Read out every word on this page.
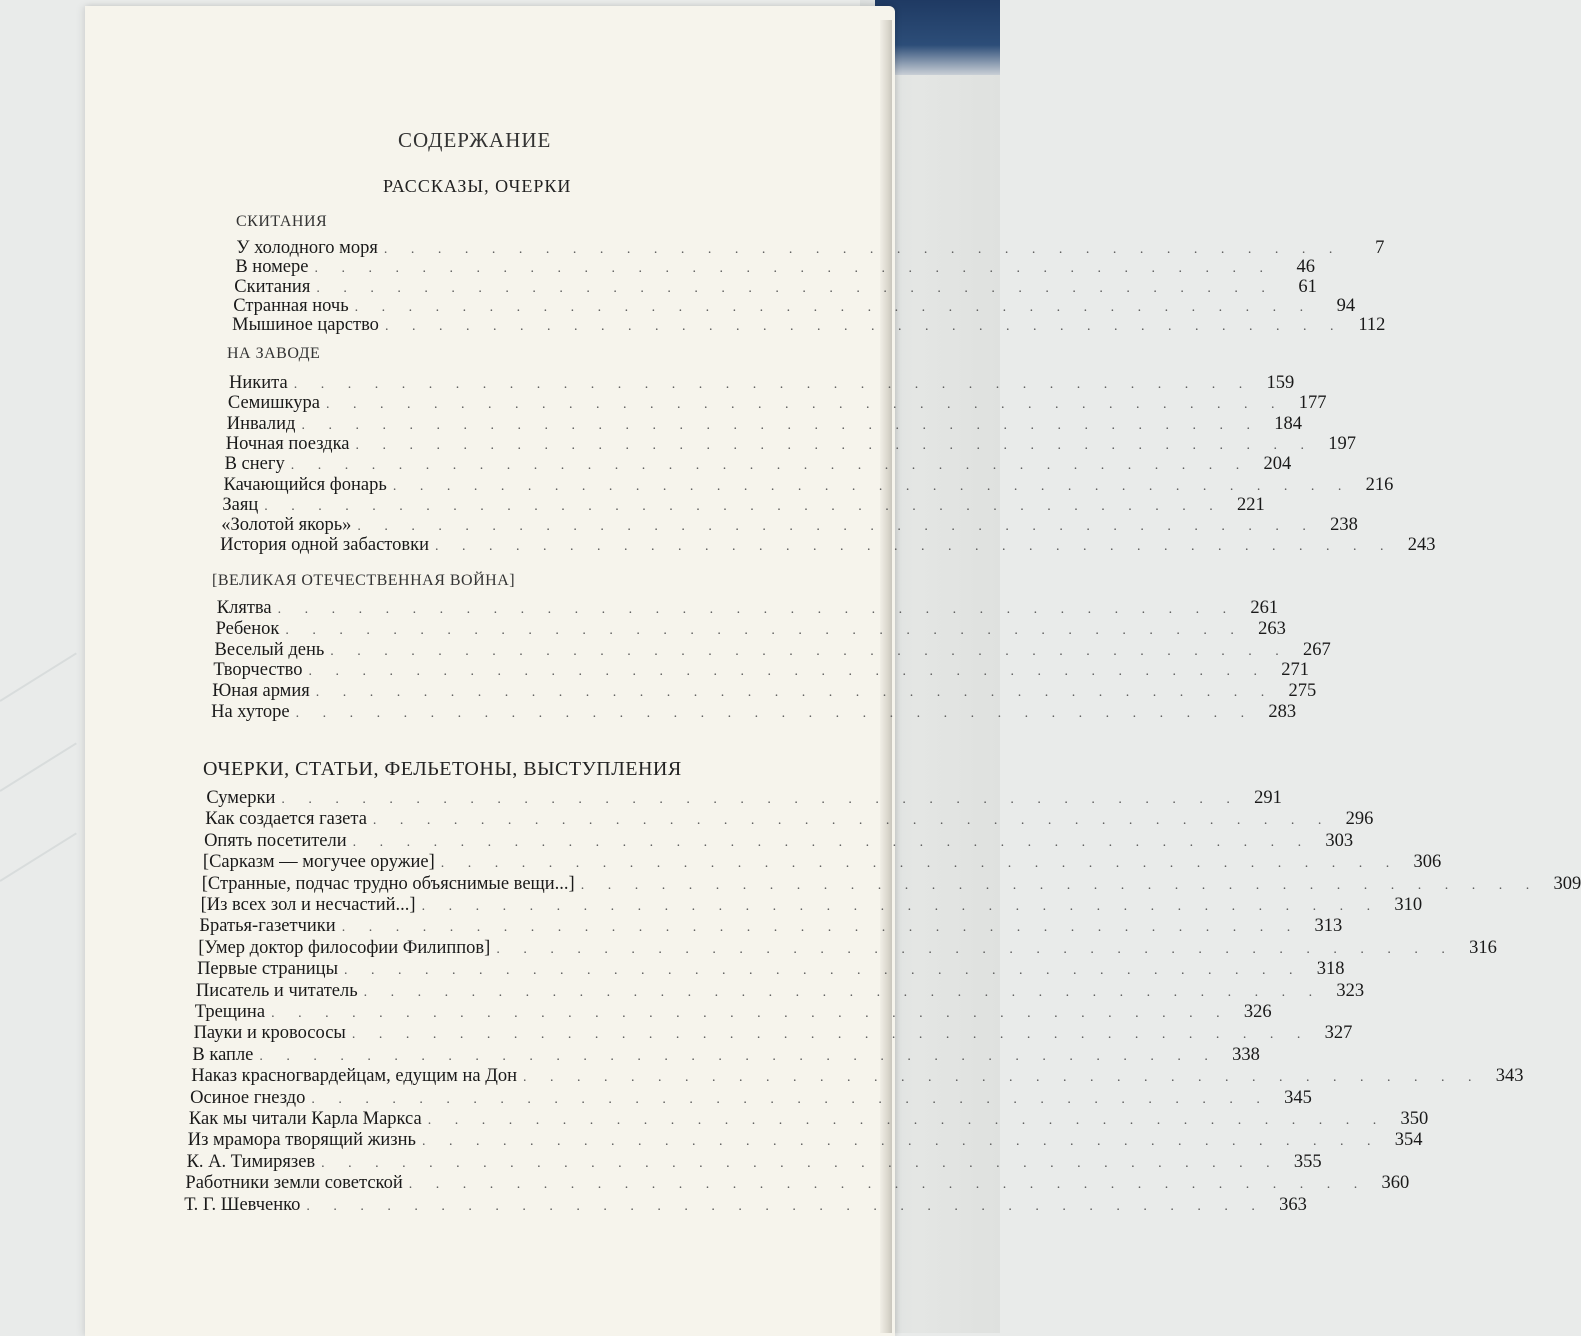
СОДЕРЖАНИЕ
РАССКАЗЫ, ОЧЕРКИ
СКИТАНИЯ
У холодного моря . . . . . . . . . . . . . . . . . . . . . . . . . . . . . . . . . . . .	7
В номере . . . . . . . . . . . . . . . . . . . . . . . . . . . . . . . . . . . .	46
Скитания . . . . . . . . . . . . . . . . . . . . . . . . . . . . . . . . . . . .	61
Странная ночь . . . . . . . . . . . . . . . . . . . . . . . . . . . . . . . . . . . .	94
Мышиное царство . . . . . . . . . . . . . . . . . . . . . . . . . . . . . . . . . . . . 112
НА ЗАВОДЕ
Никита . . . . . . . . . . . . . . . . . . . . . . . . . . . . . . . . . . . . 159
Семишкура . . . . . . . . . . . . . . . . . . . . . . . . . . . . . . . . . . . . 177
Инвалид . . . . . . . . . . . . . . . . . . . . . . . . . . . . . . . . . . . . 184
Ночная поездка . . . . . . . . . . . . . . . . . . . . . . . . . . . . . . . . . . . . 197
В снегу . . . . . . . . . . . . . . . . . . . . . . . . . . . . . . . . . . . . 204
Качающийся фонарь . . . . . . . . . . . . . . . . . . . . . . . . . . . . . . . . . . . . 216
Заяц . . . . . . . . . . . . . . . . . . . . . . . . . . . . . . . . . . . . 221
«Золотой якорь» . . . . . . . . . . . . . . . . . . . . . . . . . . . . . . . . . . . . 238
История одной забастовки . . . . . . . . . . . . . . . . . . . . . . . . . . . . . . . . . . . . 243
[ВЕЛИКАЯ ОТЕЧЕСТВЕННАЯ ВОЙНА]
Клятва . . . . . . . . . . . . . . . . . . . . . . . . . . . . . . . . . . . . 261
Ребенок . . . . . . . . . . . . . . . . . . . . . . . . . . . . . . . . . . . . 263
Веселый день . . . . . . . . . . . . . . . . . . . . . . . . . . . . . . . . . . . . 267
Творчество . . . . . . . . . . . . . . . . . . . . . . . . . . . . . . . . . . . . 271
Юная армия . . . . . . . . . . . . . . . . . . . . . . . . . . . . . . . . . . . . 275
На хуторе . . . . . . . . . . . . . . . . . . . . . . . . . . . . . . . . . . . . 283
ОЧЕРКИ, СТАТЬИ, ФЕЛЬЕТОНЫ, ВЫСТУПЛЕНИЯ
Сумерки . . . . . . . . . . . . . . . . . . . . . . . . . . . . . . . . . . . . 291
Как создается газета . . . . . . . . . . . . . . . . . . . . . . . . . . . . . . . . . . . . 296
Опять посетители . . . . . . . . . . . . . . . . . . . . . . . . . . . . . . . . . . . . 303
[Сарказм — могучее оружие] . . . . . . . . . . . . . . . . . . . . . . . . . . . . . . . . . . . . 306
[Странные, подчас трудно объяснимые вещи...] . . . . . . . . . . . . . . . . . . . . . . . . . . . . . . . . . . . . 309
[Из всех зол и несчастий...] . . . . . . . . . . . . . . . . . . . . . . . . . . . . . . . . . . . . 310
Братья-газетчики . . . . . . . . . . . . . . . . . . . . . . . . . . . . . . . . . . . . 313
[Умер доктор философии Филиппов] . . . . . . . . . . . . . . . . . . . . . . . . . . . . . . . . . . . . 316
Первые страницы . . . . . . . . . . . . . . . . . . . . . . . . . . . . . . . . . . . . 318
Писатель и читатель . . . . . . . . . . . . . . . . . . . . . . . . . . . . . . . . . . . . 323
Трещина . . . . . . . . . . . . . . . . . . . . . . . . . . . . . . . . . . . . 326
Пауки и кровососы . . . . . . . . . . . . . . . . . . . . . . . . . . . . . . . . . . . . 327
В капле . . . . . . . . . . . . . . . . . . . . . . . . . . . . . . . . . . . . 338
Наказ красногвардейцам, едущим на Дон . . . . . . . . . . . . . . . . . . . . . . . . . . . . . . . . . . . . 343
Осиное гнездо . . . . . . . . . . . . . . . . . . . . . . . . . . . . . . . . . . . . 345
Как мы читали Карла Маркса . . . . . . . . . . . . . . . . . . . . . . . . . . . . . . . . . . . . 350
Из мрамора творящий жизнь . . . . . . . . . . . . . . . . . . . . . . . . . . . . . . . . . . . . 354
К. А. Тимирязев . . . . . . . . . . . . . . . . . . . . . . . . . . . . . . . . . . . . 355
Работники земли советской . . . . . . . . . . . . . . . . . . . . . . . . . . . . . . . . . . . . 360
Т. Г. Шевченко . . . . . . . . . . . . . . . . . . . . . . . . . . . . . . . . . . . . 363
